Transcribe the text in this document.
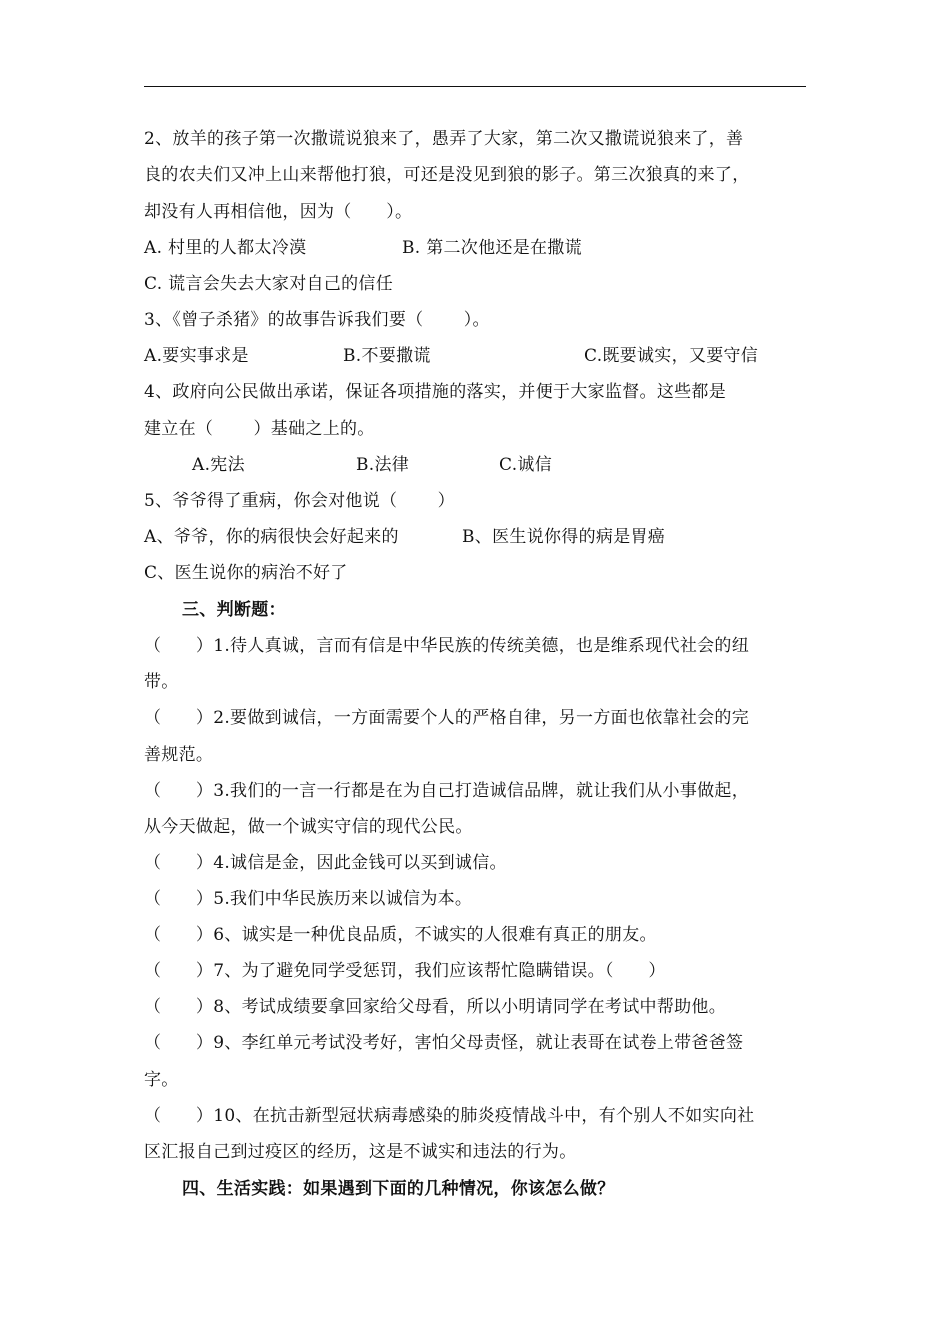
2、放羊的孩子第一次撒谎说狼来了，愚弄了大家，第二次又撒谎说狼来了，善
良的农夫们又冲上山来帮他打狼，可还是没见到狼的影子。第三次狼真的来了，
却没有人再相信他，因为（　　）。
A. 村里的人都太冷漠	B. 第二次他还是在撒谎
C. 谎言会失去大家对自己的信任
3、《曾子杀猪》的故事告诉我们要（　　 ）。
A.要实事求是	B.不要撒谎	C.既要诚实，又要守信
4、政府向公民做出承诺，保证各项措施的落实，并便于大家监督。这些都是
建立在（　　 ）基础之上的。
A.宪法	B.法律	C.诚信
5、爷爷得了重病，你会对他说（　　 ）
A、爷爷，你的病很快会好起来的	B、医生说你得的病是胃癌
C、医生说你的病治不好了
三、判断题：
（　　）1.待人真诚，言而有信是中华民族的传统美德，也是维系现代社会的纽
带。
（　　）2.要做到诚信，一方面需要个人的严格自律，另一方面也依靠社会的完
善规范。
（　　）3.我们的一言一行都是在为自己打造诚信品牌，就让我们从小事做起，
从今天做起，做一个诚实守信的现代公民。
（　　）4.诚信是金，因此金钱可以买到诚信。
（　　）5.我们中华民族历来以诚信为本。
（　　）6、诚实是一种优良品质，不诚实的人很难有真正的朋友。
（　　）7、为了避免同学受惩罚，我们应该帮忙隐瞒错误。（　　）
（　　）8、考试成绩要拿回家给父母看，所以小明请同学在考试中帮助他。
（　　）9、李红单元考试没考好，害怕父母责怪，就让表哥在试卷上带爸爸签
字。
（　　）10、在抗击新型冠状病毒感染的肺炎疫情战斗中，有个别人不如实向社
区汇报自己到过疫区的经历，这是不诚实和违法的行为。
四、生活实践：如果遇到下面的几种情况，你该怎么做？
